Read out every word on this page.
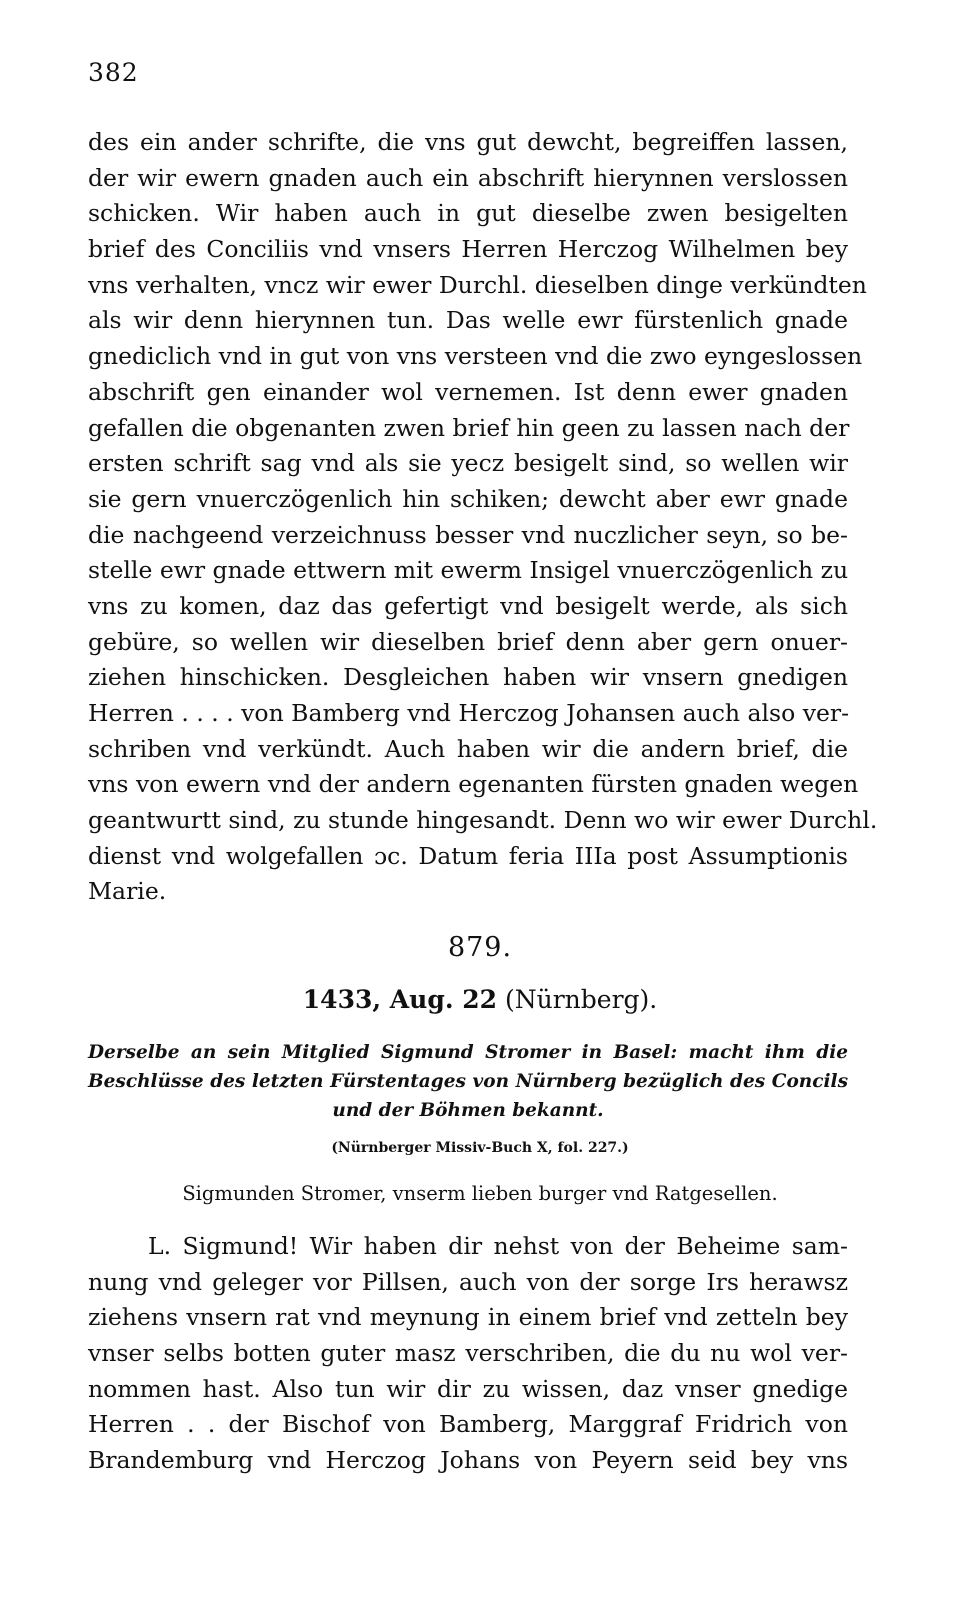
382
des ein ander schrifte, die vns gut dewcht, begreiffen lassen,
der wir ewern gnaden auch ein abschrift hierynnen verslossen
schicken. Wir haben auch in gut dieselbe zwen besigelten
brief des Conciliis vnd vnsers Herren Herczog Wilhelmen bey
vns verhalten, vncz wir ewer Durchl. dieselben dinge verkündten
als wir denn hierynnen tun. Das welle ewr fürstenlich gnade
gnediclich vnd in gut von vns versteen vnd die zwo eyngeslossen
abschrift gen einander wol vernemen. Ist denn ewer gnaden
gefallen die obgenanten zwen brief hin geen zu lassen nach der
ersten schrift sag vnd als sie yecz besigelt sind, so wellen wir
sie gern vnuerczögenlich hin schiken; dewcht aber ewr gnade
die nachgeend verzeichnuss besser vnd nuczlicher seyn, so be-
stelle ewr gnade ettwern mit ewerm Insigel vnuerczögenlich zu
vns zu komen, daz das gefertigt vnd besigelt werde, als sich
gebüre, so wellen wir dieselben brief denn aber gern onuer-
ziehen hinschicken. Desgleichen haben wir vnsern gnedigen
Herren . . . . von Bamberg vnd Herczog Johansen auch also ver-
schriben vnd verkündt. Auch haben wir die andern brief, die
vns von ewern vnd der andern egenanten fürsten gnaden wegen
geantwurtt sind, zu stunde hingesandt. Denn wo wir ewer Durchl.
dienst vnd wolgefallen ɔc. Datum feria IIIa post Assumptionis
Marie.
879.
1433, Aug. 22 (Nürnberg).
Derselbe an sein Mitglied Sigmund Stromer in Basel: macht ihm die
Beschlüsse des letzten Fürstentages von Nürnberg bezüglich des Concils
und der Böhmen bekannt.
(Nürnberger Missiv-Buch X, fol. 227.)
Sigmunden Stromer, vnserm lieben burger vnd Ratgesellen.
L. Sigmund! Wir haben dir nehst von der Beheime sam-
nung vnd geleger vor Pillsen, auch von der sorge Irs herawsz
ziehens vnsern rat vnd meynung in einem brief vnd zetteln bey
vnser selbs botten guter masz verschriben, die du nu wol ver-
nommen hast. Also tun wir dir zu wissen, daz vnser gnedige
Herren . . der Bischof von Bamberg, Marggraf Fridrich von
Brandemburg vnd Herczog Johans von Peyern seid bey vns
